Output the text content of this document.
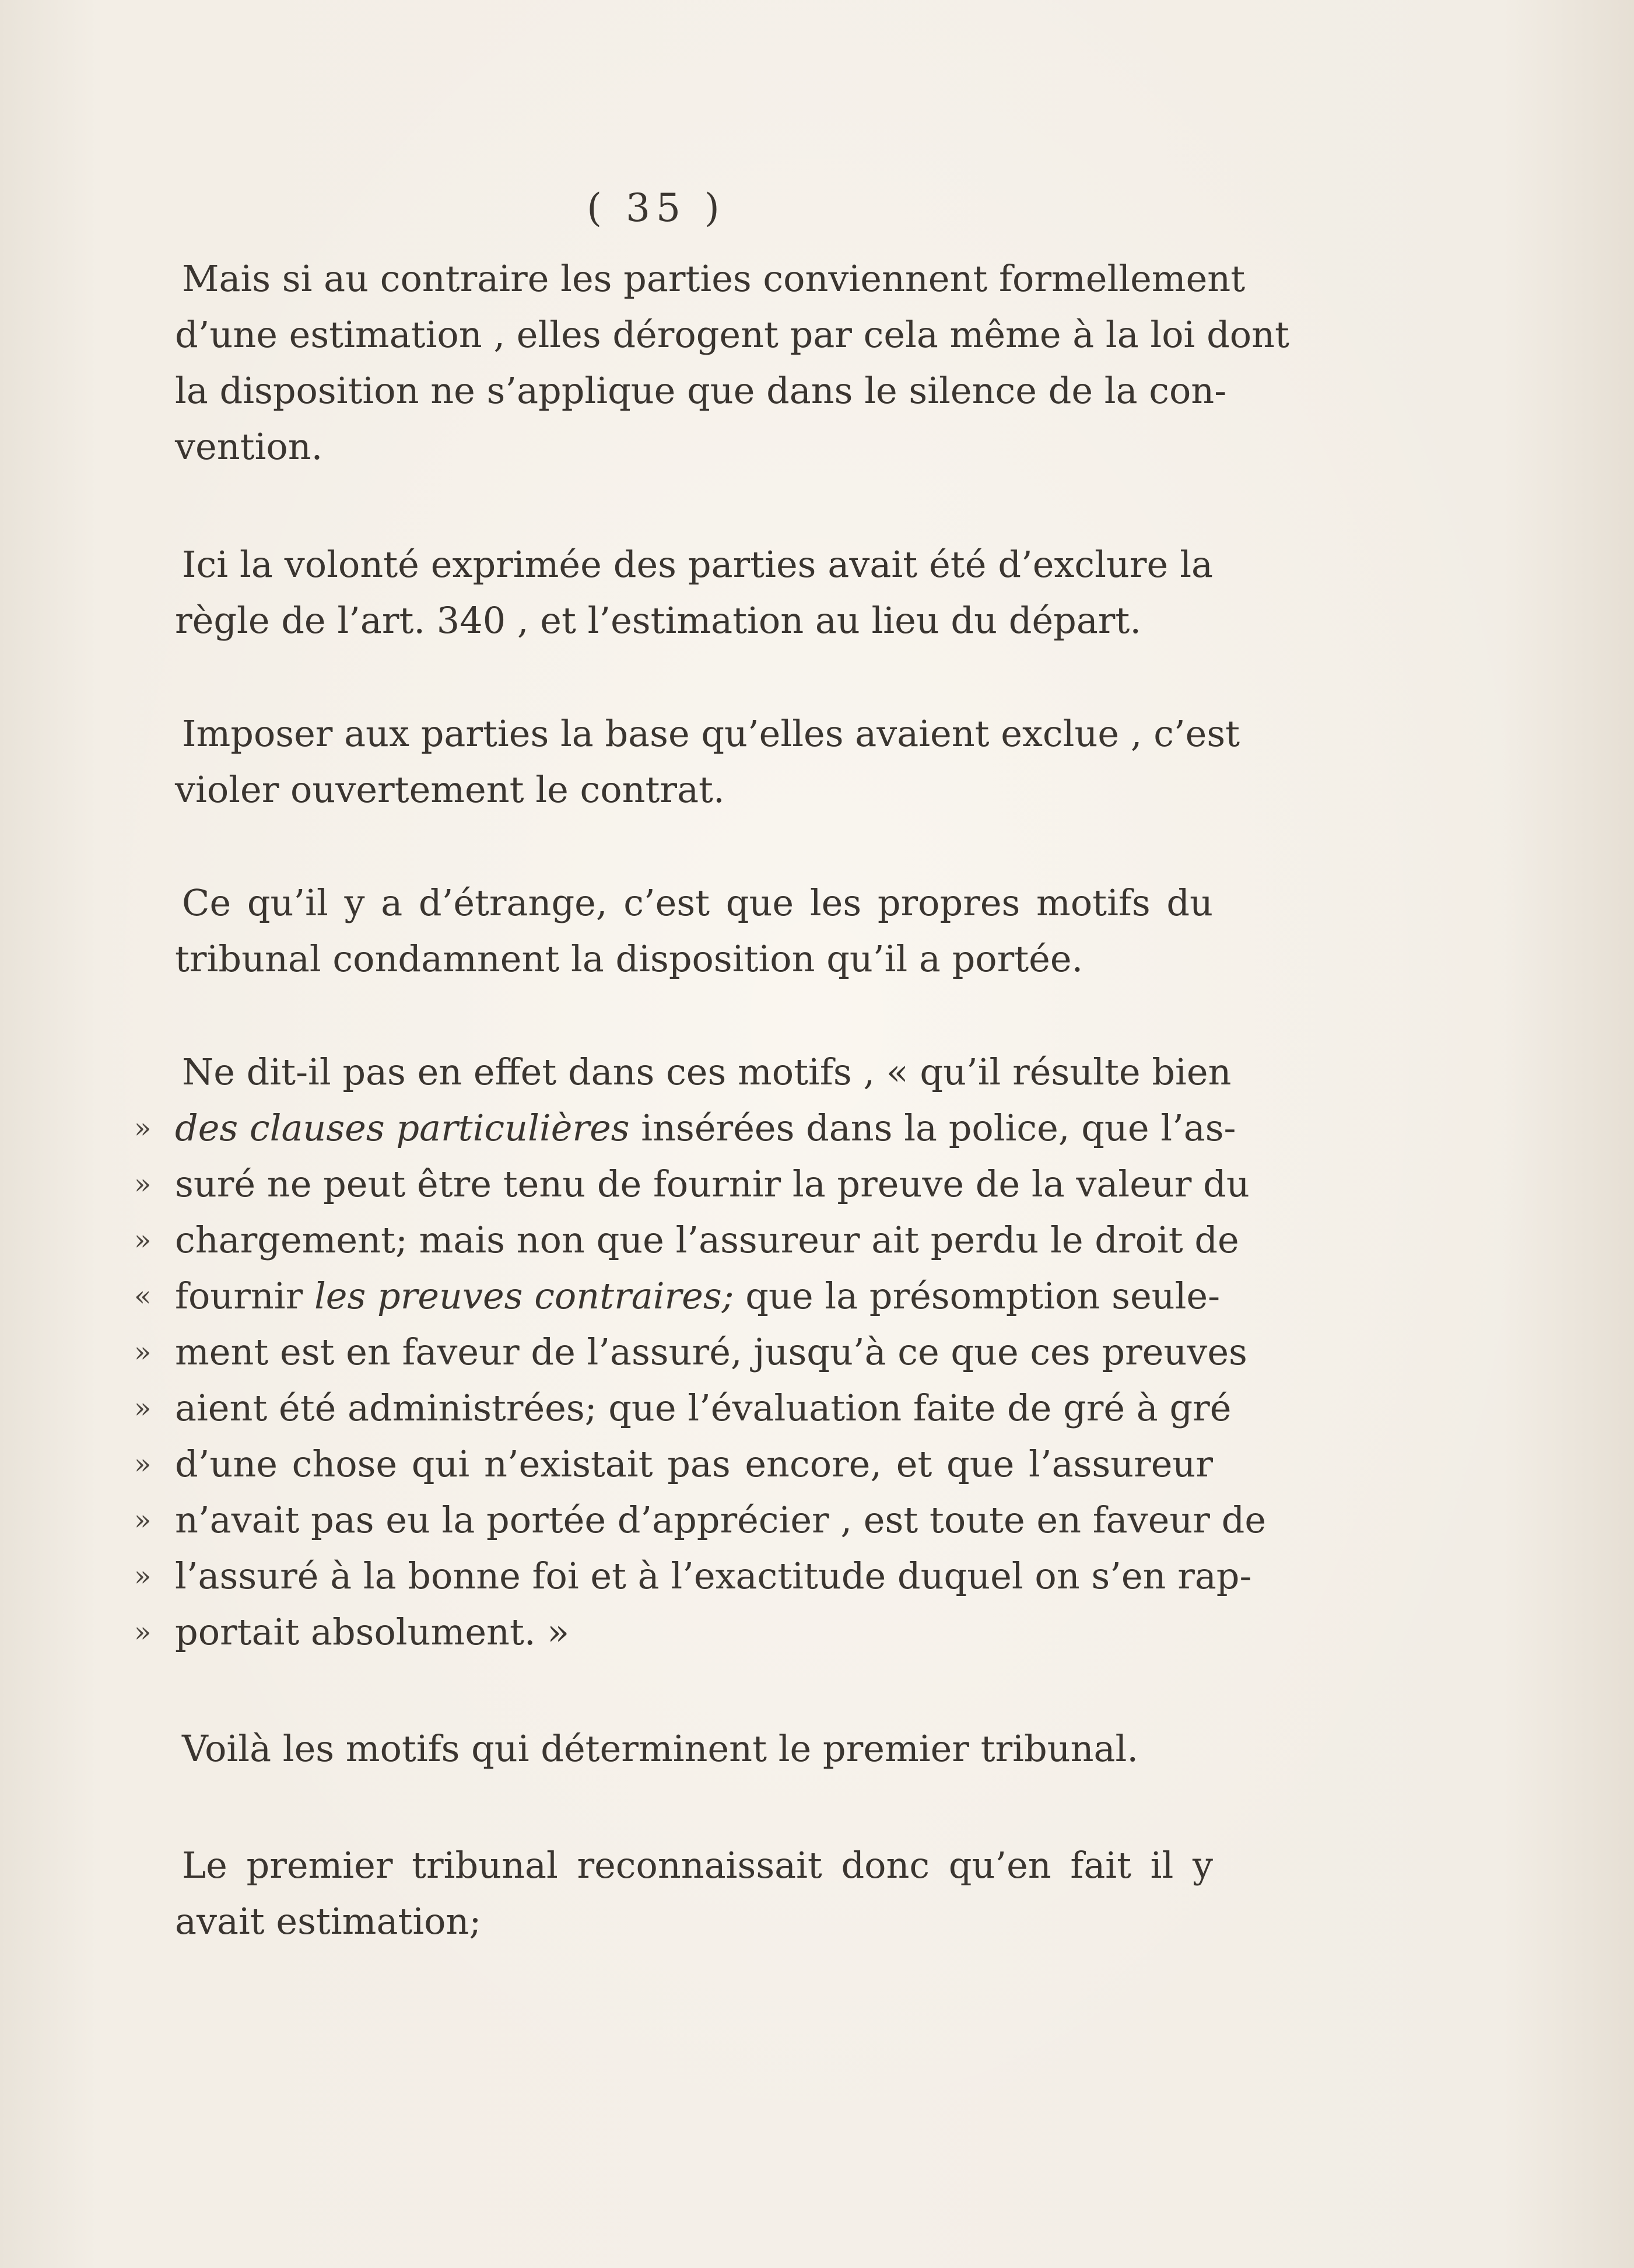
( 35 )

Mais si au contraire les parties conviennent formellement
d’une estimation , elles dérogent par cela même à la loi dont
la disposition ne s’applique que dans le silence de la con-
vention.

Ici la volonté exprimée des parties avait été d’exclure la
règle de l’art. 340 , et l’estimation au lieu du départ.

Imposer aux parties la base qu’elles avaient exclue , c’est
violer ouvertement le contrat.

Ce qu’il y a d’étrange, c’est que les propres motifs du
tribunal condamnent la disposition qu’il a portée.

Ne dit-il pas en effet dans ces motifs , « qu’il résulte bien

» des clauses particulières insérées dans la police, que l’as-
» suré ne peut être tenu de fournir la preuve de la valeur du
» chargement; mais non que l’assureur ait perdu le droit de
« fournir les preuves contraires; que la présomption seule-
» ment est en faveur de l’assuré, jusqu’à ce que ces preuves
» aient été administrées; que l’évaluation faite de gré à gré
» d’une chose qui n’existait pas encore, et que l’assureur
» n’avait pas eu la portée d’apprécier , est toute en faveur de
» l’assuré à la bonne foi et à l’exactitude duquel on s’en rap-
» portait absolument. »

Voilà les motifs qui déterminent le premier tribunal.

Le premier tribunal reconnaissait donc qu’en fait il y
avait estimation;
